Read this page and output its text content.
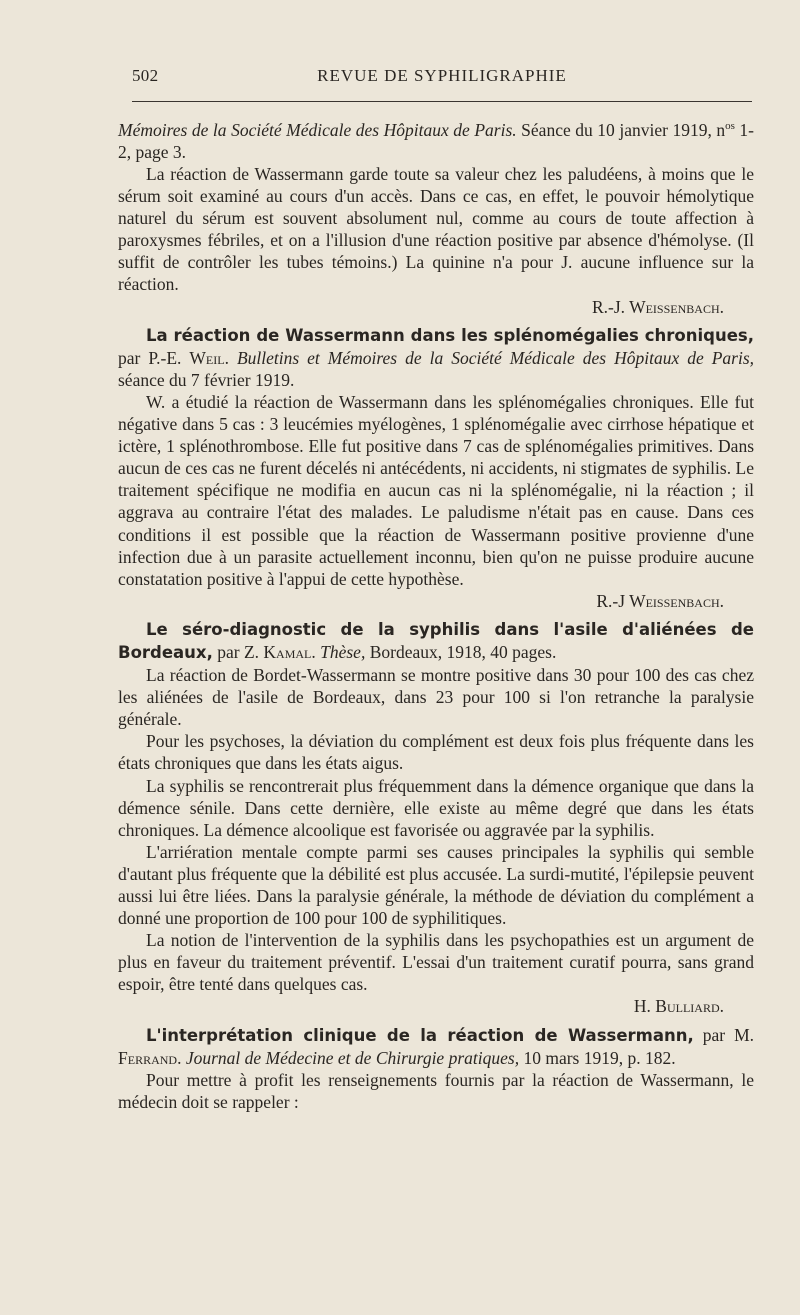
502	REVUE DE SYPHILIGRAPHIE

Mémoires de la Société Médicale des Hôpitaux de Paris. Séance du 10 janvier 1919, $n^{os}$ 1-2, page 3.

La réaction de Wassermann garde toute sa valeur chez les paludéens, à moins que le sérum soit examiné au cours d'un accès. Dans ce cas, en effet, le pouvoir hémolytique naturel du sérum est souvent absolument nul, comme au cours de toute affection à paroxysmes fébriles, et on a l'illusion d'une réaction positive par absence d'hémolyse. (Il suffit de contrôler les tubes témoins.) La quinine n'a pour J. aucune influence sur la réaction.

R.-J. Weissenbach.

La réaction de Wassermann dans les splénomégalies chroniques, par P.-E. Weil. Bulletins et Mémoires de la Société Médicale des Hôpitaux de Paris, séance du 7 février 1919.

W. a étudié la réaction de Wassermann dans les splénomégalies chroniques. Elle fut négative dans 5 cas : 3 leucémies myélogènes, 1 splénomégalie avec cirrhose hépatique et ictère, 1 splénothrombose. Elle fut positive dans 7 cas de splénomégalies primitives. Dans aucun de ces cas ne furent décelés ni antécédents, ni accidents, ni stigmates de syphilis. Le traitement spécifique ne modifia en aucun cas ni la splénomégalie, ni la réaction ; il aggrava au contraire l'état des malades. Le paludisme n'était pas en cause. Dans ces conditions il est possible que la réaction de Wassermann positive provienne d'une infection due à un parasite actuellement inconnu, bien qu'on ne puisse produire aucune constatation positive à l'appui de cette hypothèse.

R.-J Weissenbach.

Le séro-diagnostic de la syphilis dans l'asile d'aliénées de Bordeaux, par Z. Kamal. Thèse, Bordeaux, 1918, 40 pages.

La réaction de Bordet-Wassermann se montre positive dans 30 pour 100 des cas chez les aliénées de l'asile de Bordeaux, dans 23 pour 100 si l'on retranche la paralysie générale.

Pour les psychoses, la déviation du complément est deux fois plus fréquente dans les états chroniques que dans les états aigus.

La syphilis se rencontrerait plus fréquemment dans la démence organique que dans la démence sénile. Dans cette dernière, elle existe au même degré que dans les états chroniques. La démence alcoolique est favorisée ou aggravée par la syphilis.

L'arriération mentale compte parmi ses causes principales la syphilis qui semble d'autant plus fréquente que la débilité est plus accusée. La surdi-mutité, l'épilepsie peuvent aussi lui être liées. Dans la paralysie générale, la méthode de déviation du complément a donné une proportion de 100 pour 100 de syphilitiques.

La notion de l'intervention de la syphilis dans les psychopathies est un argument de plus en faveur du traitement préventif. L'essai d'un traitement curatif pourra, sans grand espoir, être tenté dans quelques cas.

H. Bulliard.

L'interprétation clinique de la réaction de Wassermann, par M. Ferrand. Journal de Médecine et de Chirurgie pratiques, 10 mars 1919, p. 182.

Pour mettre à profit les renseignements fournis par la réaction de Wassermann, le médecin doit se rappeler :
